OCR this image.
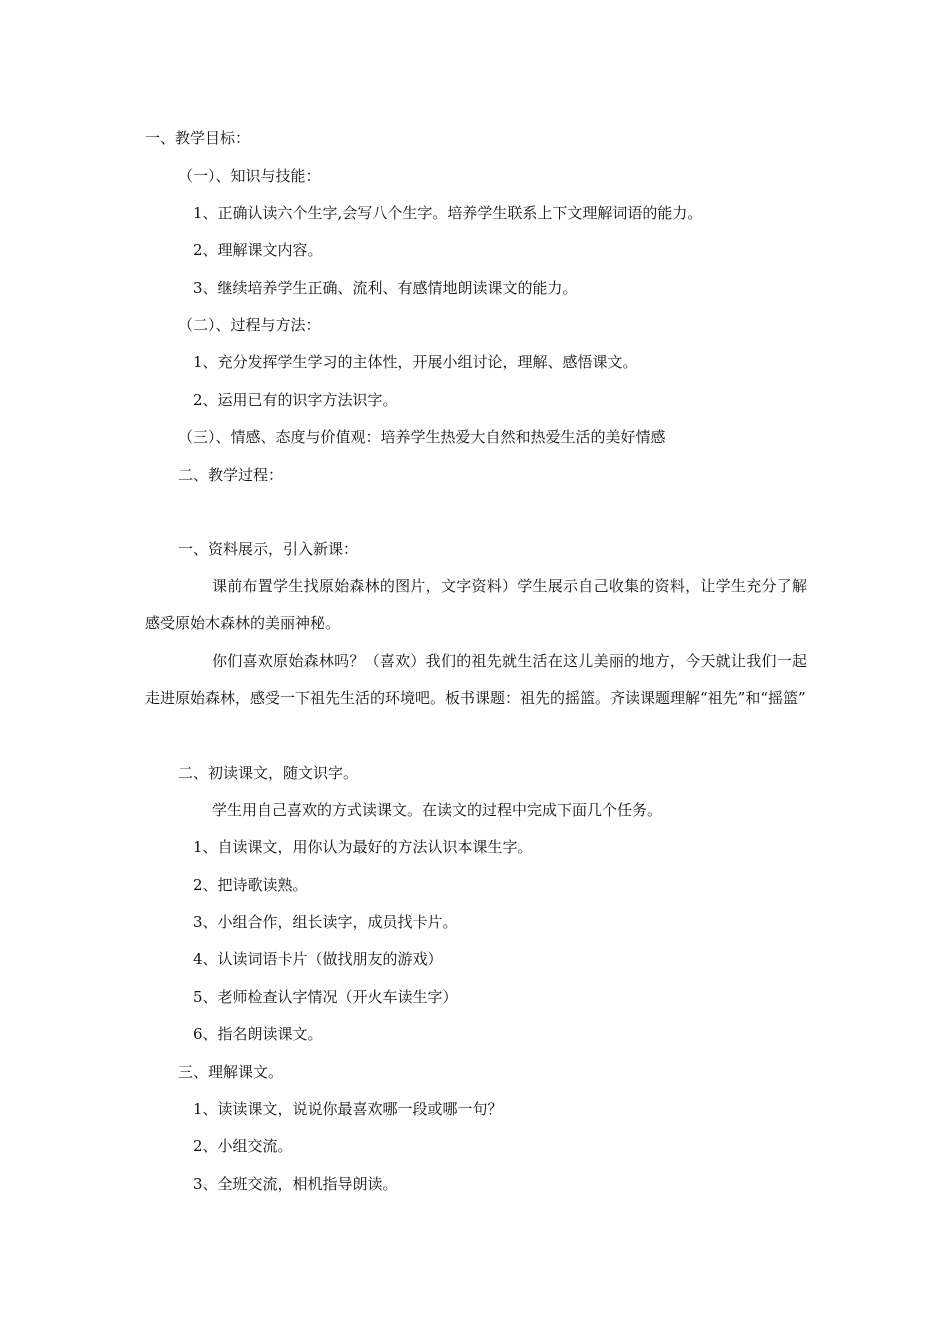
一、教学目标：

（一）、知识与技能：

1、正确认读六个生字,会写八个生字。培养学生联系上下文理解词语的能力。

2、理解课文内容。

3、继续培养学生正确、流利、有感情地朗读课文的能力。

（二）、过程与方法：

1、充分发挥学生学习的主体性，开展小组讨论，理解、感悟课文。

2、运用已有的识字方法识字。

（三）、情感、态度与价值观：培养学生热爱大自然和热爱生活的美好情感

二、教学过程：

一、资料展示，引入新课：

课前布置学生找原始森林的图片，文字资料）学生展示自己收集的资料，让学生充分了解感受原始木森林的美丽神秘。

你们喜欢原始森林吗？（喜欢）我们的祖先就生活在这儿美丽的地方，今天就让我们一起走进原始森林，感受一下祖先生活的环境吧。板书课题：祖先的摇篮。齐读课题理解“祖先”和“摇篮”

二、初读课文，随文识字。

学生用自己喜欢的方式读课文。在读文的过程中完成下面几个任务。

1、自读课文，用你认为最好的方法认识本课生字。

2、把诗歌读熟。

3、小组合作，组长读字，成员找卡片。

4、认读词语卡片（做找朋友的游戏）

5、老师检查认字情况（开火车读生字）

6、指名朗读课文。

三、理解课文。

1、读读课文，说说你最喜欢哪一段或哪一句？

2、小组交流。

3、全班交流，相机指导朗读。
